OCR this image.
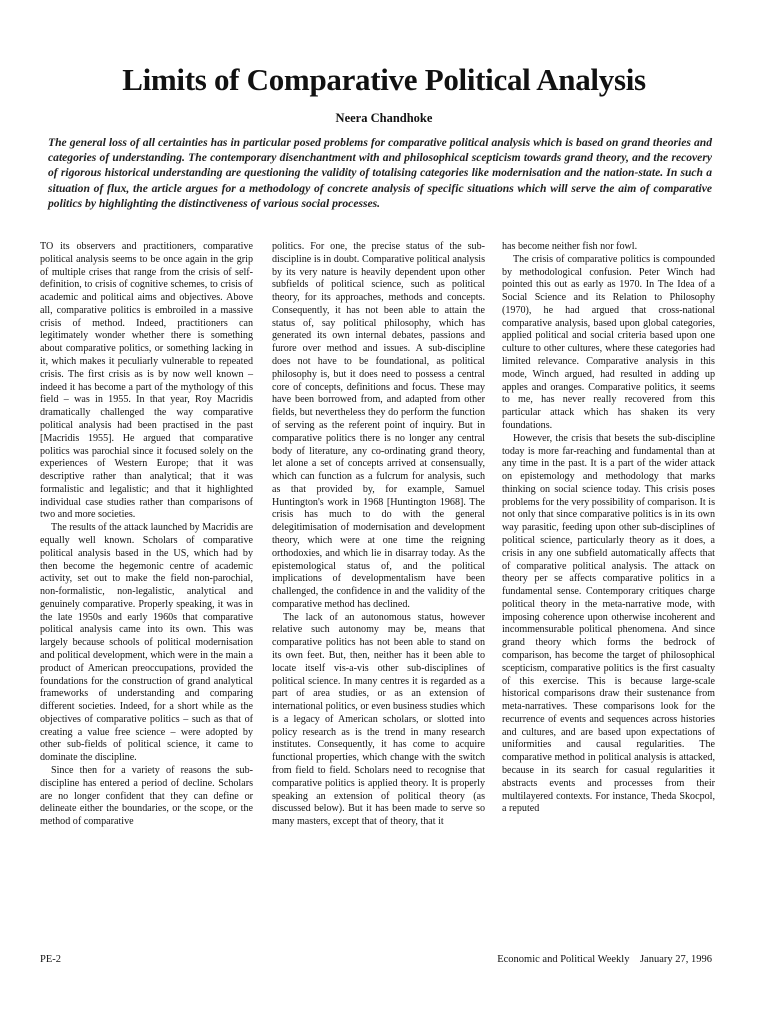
Limits of Comparative Political Analysis
Neera Chandhoke

The general loss of all certainties has in particular posed problems for comparative political analysis which is based on grand theories and categories of understanding. The contemporary disenchantment with and philosophical scepticism towards grand theory, and the recovery of rigorous historical understanding are questioning the validity of totalising categories like modernisation and the nation-state. In such a situation of flux, the article argues for a methodology of concrete analysis of specific situations which will serve the aim of comparative politics by highlighting the distinctiveness of various social processes.

TO its observers and practitioners, comparative political analysis seems to be once again in the grip of multiple crises that range from the crisis of self-definition, to crisis of cognitive schemes, to crisis of academic and political aims and objectives. Above all, comparative politics is embroiled in a massive crisis of method. Indeed, practitioners can legitimately wonder whether there is something about comparative politics, or something lacking in it, which makes it peculiarly vulnerable to repeated crisis. The first crisis as is by now well known – indeed it has become a part of the mythology of this field – was in 1955. In that year, Roy Macridis dramatically challenged the way comparative political analysis had been practised in the past [Macridis 1955]. He argued that comparative politics was parochial since it focused solely on the experiences of Western Europe; that it was descriptive rather than analytical; that it was formalistic and legalistic; and that it highlighted individual case studies rather than comparisons of two and more societies.

The results of the attack launched by Macridis are equally well known. Scholars of comparative political analysis based in the US, which had by then become the hegemonic centre of academic activity, set out to make the field non-parochial, non-formalistic, non-legalistic, analytical and genuinely comparative. Properly speaking, it was in the late 1950s and early 1960s that comparative political analysis came into its own. This was largely because schools of political modernisation and political development, which were in the main a product of American preoccupations, provided the foundations for the construction of grand analytical frameworks of understanding and comparing different societies. Indeed, for a short while as the objectives of comparative politics – such as that of creating a value free science – were adopted by other sub-fields of political science, it came to dominate the discipline.

Since then for a variety of reasons the sub-discipline has entered a period of decline. Scholars are no longer confident that they can define or delineate either the boundaries, or the scope, or the method of comparative

politics. For one, the precise status of the sub-discipline is in doubt. Comparative political analysis by its very nature is heavily dependent upon other subfields of political science, such as political theory, for its approaches, methods and concepts. Consequently, it has not been able to attain the status of, say political philosophy, which has generated its own internal debates, passions and furore over method and issues. A sub-discipline does not have to be foundational, as political philosophy is, but it does need to possess a central core of concepts, definitions and focus. These may have been borrowed from, and adapted from other fields, but nevertheless they do perform the function of serving as the referent point of inquiry. But in comparative politics there is no longer any central body of literature, any co-ordinating grand theory, let alone a set of concepts arrived at consensually, which can function as a fulcrum for analysis, such as that provided by, for example, Samuel Huntington's work in 1968 [Huntington 1968]. The crisis has much to do with the general delegitimisation of modernisation and development theory, which were at one time the reigning orthodoxies, and which lie in disarray today. As the epistemological status of, and the political implications of developmentalism have been challenged, the confidence in and the validity of the comparative method has declined.

The lack of an autonomous status, however relative such autonomy may be, means that comparative politics has not been able to stand on its own feet. But, then, neither has it been able to locate itself vis-a-vis other sub-disciplines of political science. In many centres it is regarded as a part of area studies, or as an extension of international politics, or even business studies which is a legacy of American scholars, or slotted into policy research as is the trend in many research institutes. Consequently, it has come to acquire functional properties, which change with the switch from field to field. Scholars need to recognise that comparative politics is applied theory. It is properly speaking an extension of political theory (as discussed below). But it has been made to serve so many masters, except that of theory, that it

has become neither fish nor fowl.

The crisis of comparative politics is compounded by methodological confusion. Peter Winch had pointed this out as early as 1970. In The Idea of a Social Science and its Relation to Philosophy (1970), he had argued that cross-national comparative analysis, based upon global categories, applied political and social criteria based upon one culture to other cultures, where these categories had limited relevance. Comparative analysis in this mode, Winch argued, had resulted in adding up apples and oranges. Comparative politics, it seems to me, has never really recovered from this particular attack which has shaken its very foundations.

However, the crisis that besets the sub-discipline today is more far-reaching and fundamental than at any time in the past. It is a part of the wider attack on epistemology and methodology that marks thinking on social science today. This crisis poses problems for the very possibility of comparison. It is not only that since comparative politics is in its own way parasitic, feeding upon other sub-disciplines of political science, particularly theory as it does, a crisis in any one subfield automatically affects that of comparative political analysis. The attack on theory per se affects comparative politics in a fundamental sense. Contemporary critiques charge political theory in the meta-narrative mode, with imposing coherence upon otherwise incoherent and incommensurable political phenomena. And since grand theory which forms the bedrock of comparison, has become the target of philosophical scepticism, comparative politics is the first casualty of this exercise. This is because large-scale historical comparisons draw their sustenance from meta-narratives. These comparisons look for the recurrence of events and sequences across histories and cultures, and are based upon expectations of uniformities and causal regularities. The comparative method in political analysis is attacked, because in its search for casual regularities it abstracts events and processes from their multilayered contexts. For instance, Theda Skocpol, a reputed

PE-2	Economic and Political Weekly January 27, 1996
